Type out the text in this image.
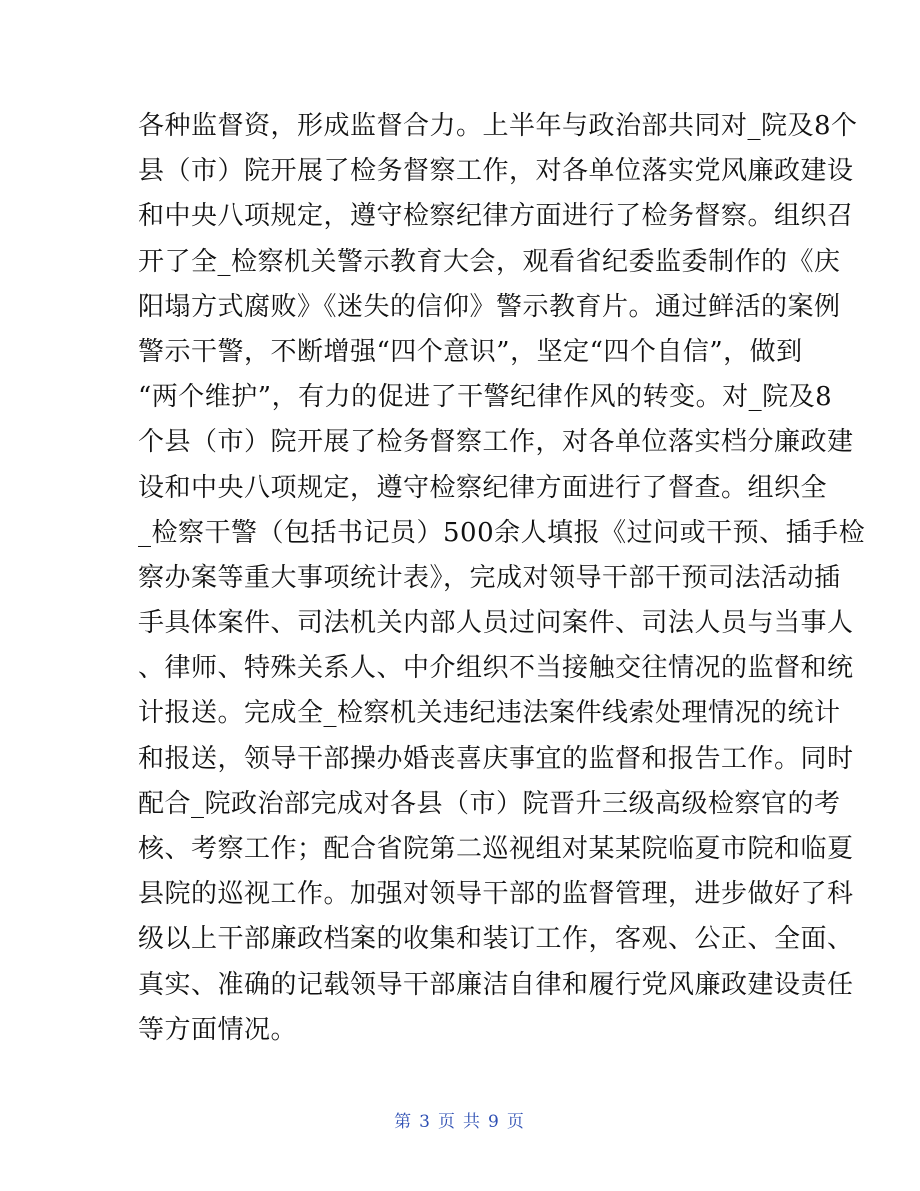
各种监督资，形成监督合力。上半年与政治部共同对_院及8个
县（市）院开展了检务督察工作，对各单位落实党风廉政建设
和中央八项规定，遵守检察纪律方面进行了检务督察。组织召
开了全_检察机关警示教育大会，观看省纪委监委制作的《庆
阳塌方式腐败》《迷失的信仰》警示教育片。通过鲜活的案例
警示干警，不断增强“四个意识”，坚定“四个自信”，做到
“两个维护”，有力的促进了干警纪律作风的转变。对_院及8
个县（市）院开展了检务督察工作，对各单位落实档分廉政建
设和中央八项规定，遵守检察纪律方面进行了督查。组织全
_检察干警（包括书记员）500余人填报《过问或干预、插手检
察办案等重大事项统计表》，完成对领导干部干预司法活动插
手具体案件、司法机关内部人员过问案件、司法人员与当事人
、律师、特殊关系人、中介组织不当接触交往情况的监督和统
计报送。完成全_检察机关违纪违法案件线索处理情况的统计
和报送，领导干部操办婚丧喜庆事宜的监督和报告工作。同时
配合_院政治部完成对各县（市）院晋升三级高级检察官的考
核、考察工作；配合省院第二巡视组对某某院临夏市院和临夏
县院的巡视工作。加强对领导干部的监督管理，进步做好了科
级以上干部廉政档案的收集和装订工作，客观、公正、全面、
真实、准确的记载领导干部廉洁自律和履行党风廉政建设责任
等方面情况。
第 3 页 共 9 页
